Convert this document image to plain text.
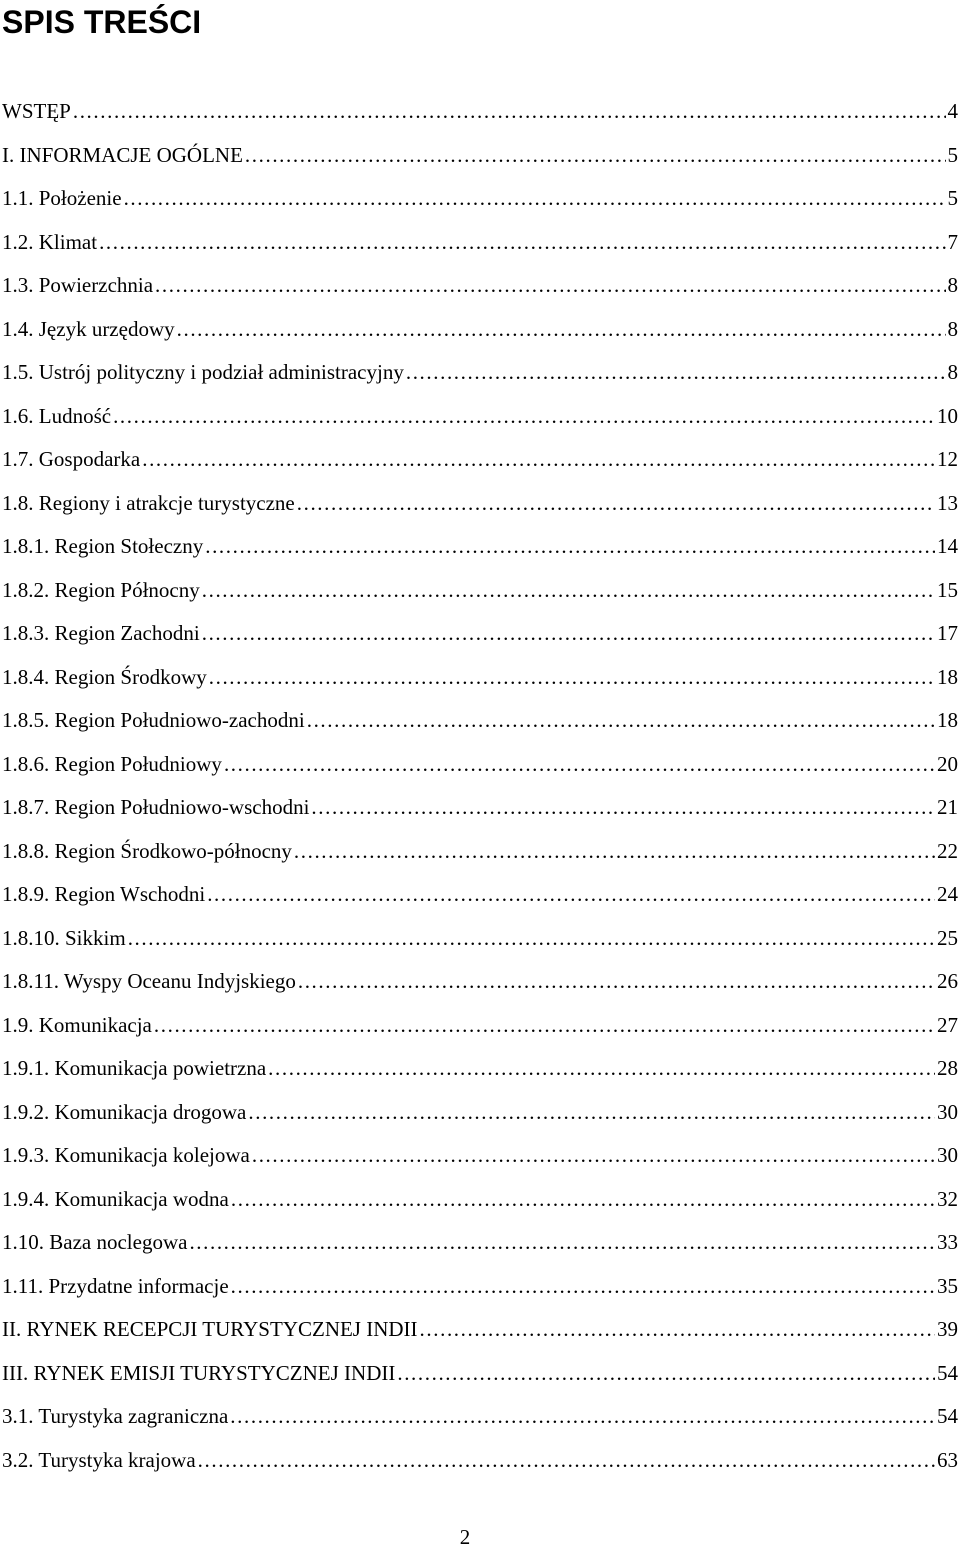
SPIS TREŚCI
WSTĘP .....	4
I. INFORMACJE OGÓLNE .....	5
1.1. Położenie .....	5
1.2. Klimat .....	7
1.3. Powierzchnia .....	8
1.4. Język urzędowy .....	8
1.5. Ustrój polityczny i podział administracyjny .....	8
1.6. Ludność .....	10
1.7. Gospodarka .....	12
1.8. Regiony i atrakcje turystyczne .....	13
1.8.1. Region Stołeczny .....	14
1.8.2. Region Północny .....	15
1.8.3. Region Zachodni .....	17
1.8.4. Region Środkowy .....	18
1.8.5. Region Południowo-zachodni .....	18
1.8.6. Region Południowy .....	20
1.8.7. Region Południowo-wschodni .....	21
1.8.8. Region Środkowo-północny .....	22
1.8.9. Region Wschodni .....	24
1.8.10. Sikkim .....	25
1.8.11. Wyspy Oceanu Indyjskiego .....	26
1.9. Komunikacja .....	27
1.9.1. Komunikacja powietrzna .....	28
1.9.2. Komunikacja drogowa .....	30
1.9.3. Komunikacja kolejowa .....	30
1.9.4. Komunikacja wodna .....	32
1.10. Baza noclegowa .....	33
1.11. Przydatne informacje .....	35
II. RYNEK RECEPCJI TURYSTYCZNEJ INDII .....	39
III. RYNEK EMISJI TURYSTYCZNEJ INDII .....	54
3.1. Turystyka zagraniczna .....	54
3.2. Turystyka krajowa .....	63
2
